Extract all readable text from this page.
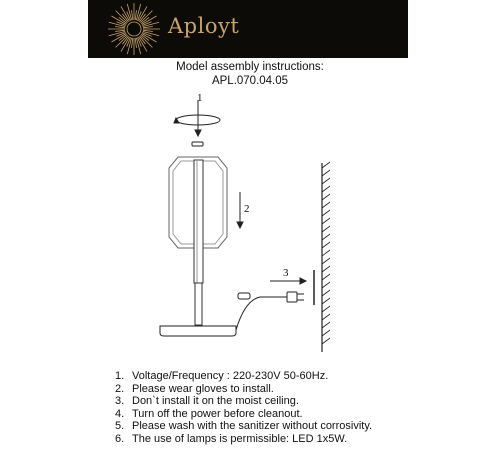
Aployt
Model assembly instructions:
APL.070.04.05
1
2
3
1. Voltage/Frequency : 220-230V 50-60Hz.
2. Please wear gloves to install.
3. Don`t install it on the moist ceiling.
4. Turn off the power before cleanout.
5. Please wash with the sanitizer without corrosivity.
6. The use of lamps is permissible: LED 1x5W.
